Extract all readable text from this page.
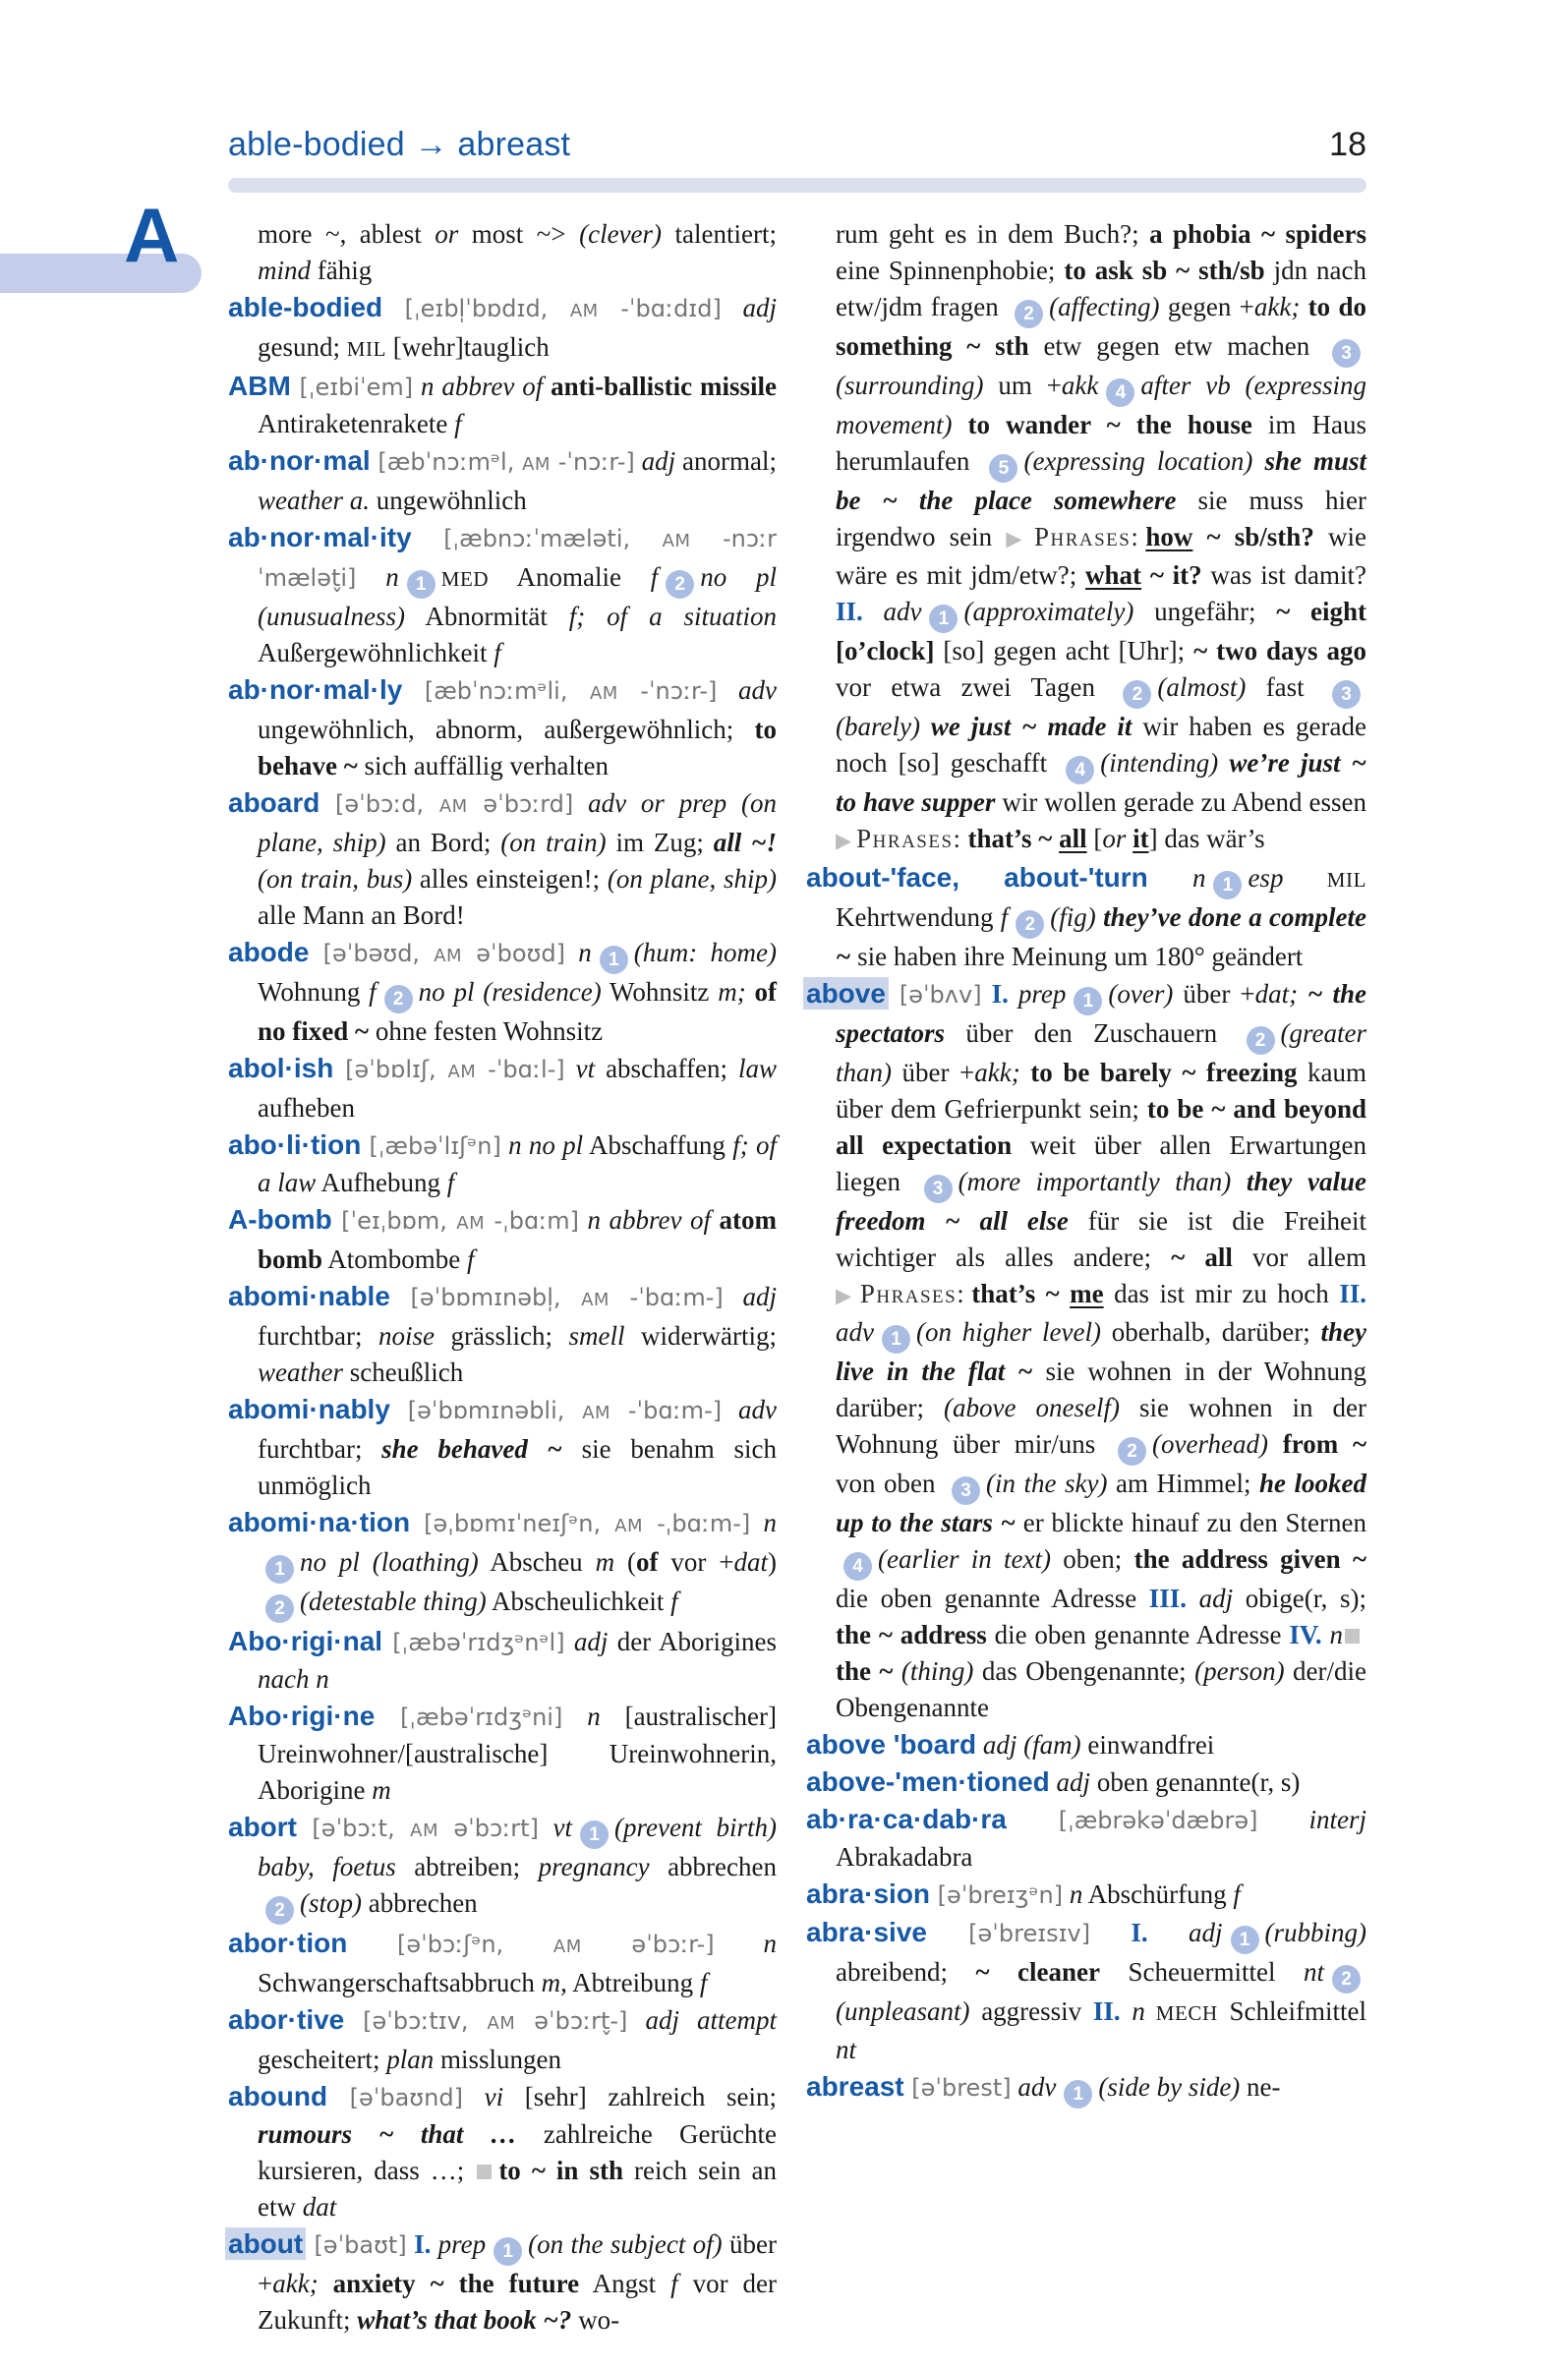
able-bodied → abreast	18
A	more ~, ablest or most ~> (clever) talentiert; mind fähig

able-bodied [ˌeɪbl̩ˈbɒdɪd, AM -ˈbɑːdɪd] adj gesund; MIL [wehr]tauglich

ABM [ˌeɪbiˈem] n abbrev of anti-ballistic missile Antiraketenrakete f

ab·nor·mal [æbˈnɔːmᵊl, AM -ˈnɔːr-] adj anormal; weather a. ungewöhnlich

ab·nor·mal·ity [ˌæbnɔːˈmæləti, AM -nɔːrˈmælət̬i] n 1 MED Anomalie f 2 no pl (unusualness) Abnormität f; of a situation Außergewöhnlichkeit f

ab·nor·mal·ly [æbˈnɔːmᵊli, AM -ˈnɔːr-] adv ungewöhnlich, abnorm, außergewöhnlich; to behave ~ sich auffällig verhalten

aboard [əˈbɔːd, AM əˈbɔːrd] adv or prep (on plane, ship) an Bord; (on train) im Zug; all ~! (on train, bus) alles einsteigen!; (on plane, ship) alle Mann an Bord!

abode [əˈbəʊd, AM əˈboʊd] n 1 (hum: home) Wohnung f 2 no pl (residence) Wohnsitz m; of no fixed ~ ohne festen Wohnsitz

abol·ish [əˈbɒlɪʃ, AM -ˈbɑːl-] vt abschaffen; law aufheben

abo·li·tion [ˌæbəˈlɪʃᵊn] n no pl Abschaffung f; of a law Aufhebung f

A-bomb [ˈeɪˌbɒm, AM -ˌbɑːm] n abbrev of atom bomb Atombombe f

abomi·nable [əˈbɒmɪnəbl̩, AM -ˈbɑːm-] adj furchtbar; noise grässlich; smell widerwärtig; weather scheußlich

abomi·nably [əˈbɒmɪnəbli, AM -ˈbɑːm-] adv furchtbar; she behaved ~ sie benahm sich unmöglich

abomi·na·tion [əˌbɒmɪˈneɪʃᵊn, AM -ˌbɑːm-] n1 no pl (loathing) Abscheu m (of vor +dat) 2 (detestable thing) Abscheulichkeit f

Abo·rigi·nal [ˌæbəˈrɪdʒᵊnᵊl] adj der Aborigines nach n

Abo·rigi·ne [ˌæbəˈrɪdʒᵊni] n [australischer] Ureinwohner/[australische] Ureinwohnerin, Aborigine m

abort [əˈbɔːt, AM əˈbɔːrt] vt 1 (prevent birth) baby, foetus abtreiben; pregnancy abbrechen 2 (stop) abbrechen

abor·tion [əˈbɔːʃᵊn, AM əˈbɔːr-] n Schwangerschaftsabbruch m, Abtreibung f

abor·tive [əˈbɔːtɪv, AM əˈbɔːrt̬-] adj attempt gescheitert; plan misslungen

abound [əˈbaʊnd] vi [sehr] zahlreich sein; rumours ~ that … zahlreiche Gerüchte kursieren, dass …; to ~ in sth reich sein an etw dat

about [əˈbaʊt] I. prep 1 (on the subject of) über +akk; anxiety ~ the future Angst f vor der Zukunft; what’s that book ~? wo-

rum geht es in dem Buch?; a phobia ~ spiders eine Spinnenphobie; to ask sb ~ sth/sb jdn nach etw/jdm fragen 2 (affecting) gegen +akk; to do something ~ sth etw gegen etw machen 3(surrounding) um +akk 4 after vb (expressing movement) to wander ~ the house im Haus herumlaufen 5 (expressing location) she must be ~ the place somewhere sie muss hier irgendwo sein ▶ Phrases: how ~ sb/sth? wie wäre es mit jdm/etw?; what ~ it? was ist damit? II. adv 1 (approximately) ungefähr; ~ eight [o’clock] [so] gegen acht [Uhr]; ~ two days ago vor etwa zwei Tagen 2 (almost) fast 3(barely) we just ~ made it wir haben es gerade noch [so] geschafft 4 (intending) we’re just ~ to have supper wir wollen gerade zu Abend essen ▶ Phrases: that’s ~ all [or it] das wär’s

about-'face, about-'turn n 1 esp MIL Kehrtwendung f 2 (fig) they’ve done a complete ~ sie haben ihre Meinung um 180° geändert

above [əˈbʌv] I. prep 1 (over) über +dat; ~ the spectators über den Zuschauern 2 (greater than) über +akk; to be barely ~ freezing kaum über dem Gefrierpunkt sein; to be ~ and beyond all expectation weit über allen Erwartungen liegen 3 (more importantly than) they value freedom ~ all else für sie ist die Freiheit wichtiger als alles andere; ~ all vor allem ▶ Phrases: that’s ~ me das ist mir zu hoch II. adv 1 (on higher level) oberhalb, darüber; they live in the flat ~ sie wohnen in der Wohnung darüber; (above oneself) sie wohnen in der Wohnung über mir/uns 2 (overhead) from ~ von oben 3 (in the sky) am Himmel; he looked up to the stars ~ er blickte hinauf zu den Sternen 4 (earlier in text) oben; the address given ~ die oben genannte Adresse III. adj obige(r, s); the ~ address die oben genannte Adresse IV. nthe ~ (thing) das Obengenannte; (person) der/die Obengenannte

above 'board adj (fam) einwandfrei

above-'men·tioned adj oben genannte(r, s)

ab·ra·ca·dab·ra [ˌæbrəkəˈdæbrə] interj Abrakadabra

abra·sion [əˈbreɪʒᵊn] n Abschürfung f

abra·sive [əˈbreɪsɪv] I. adj 1 (rubbing) abreibend; ~ cleaner Scheuermittel nt 2(unpleasant) aggressiv II. n MECH Schleifmittel nt

abreast [əˈbrest] adv 1 (side by side) ne-
